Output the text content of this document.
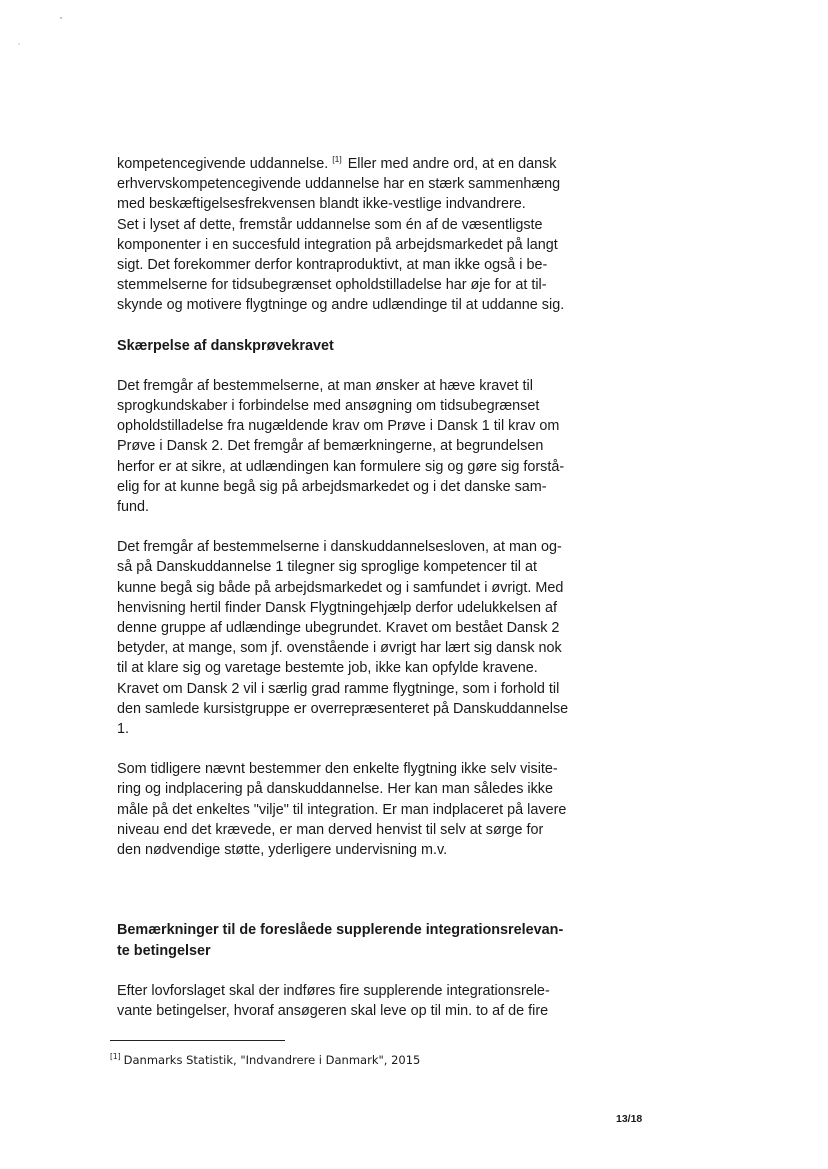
kompetencegivende uddannelse. [1] Eller med andre ord, at en dansk
erhvervskompetencegivende uddannelse har en stærk sammenhæng
med beskæftigelsesfrekvensen blandt ikke-vestlige indvandrere.
Set i lyset af dette, fremstår uddannelse som én af de væsentligste
komponenter i en succesfuld integration på arbejdsmarkedet på langt
sigt. Det forekommer derfor kontraproduktivt, at man ikke også i be-
stemmelserne for tidsubegrænset opholdstilladelse har øje for at til-
skynde og motivere flygtninge og andre udlændinge til at uddanne sig.

Skærpelse af danskprøvekravet

Det fremgår af bestemmelserne, at man ønsker at hæve kravet til
sprogkundskaber i forbindelse med ansøgning om tidsubegrænset
opholdstilladelse fra nugældende krav om Prøve i Dansk 1 til krav om
Prøve i Dansk 2. Det fremgår af bemærkningerne, at begrundelsen
herfor er at sikre, at udlændingen kan formulere sig og gøre sig forstå-
elig for at kunne begå sig på arbejdsmarkedet og i det danske sam-
fund.

Det fremgår af bestemmelserne i danskuddannelsesloven, at man og-
så på Danskuddannelse 1 tilegner sig sproglige kompetencer til at
kunne begå sig både på arbejdsmarkedet og i samfundet i øvrigt. Med
henvisning hertil finder Dansk Flygtningehjælp derfor udelukkelsen af
denne gruppe af udlændinge ubegrundet. Kravet om bestået Dansk 2
betyder, at mange, som jf. ovenstående i øvrigt har lært sig dansk nok
til at klare sig og varetage bestemte job, ikke kan opfylde kravene.
Kravet om Dansk 2 vil i særlig grad ramme flygtninge, som i forhold til
den samlede kursistgruppe er overrepræsenteret på Danskuddannelse
1.

Som tidligere nævnt bestemmer den enkelte flygtning ikke selv visite-
ring og indplacering på danskuddannelse. Her kan man således ikke
måle på det enkeltes "vilje" til integration. Er man indplaceret på lavere
niveau end det krævede, er man derved henvist til selv at sørge for
den nødvendige støtte, yderligere undervisning m.v.

Bemærkninger til de foreslåede supplerende integrationsrelevan-
te betingelser

Efter lovforslaget skal der indføres fire supplerende integrationsrele-
vante betingelser, hvoraf ansøgeren skal leve op til min. to af de fire

[1] Danmarks Statistik, "Indvandrere i Danmark", 2015
13/18
